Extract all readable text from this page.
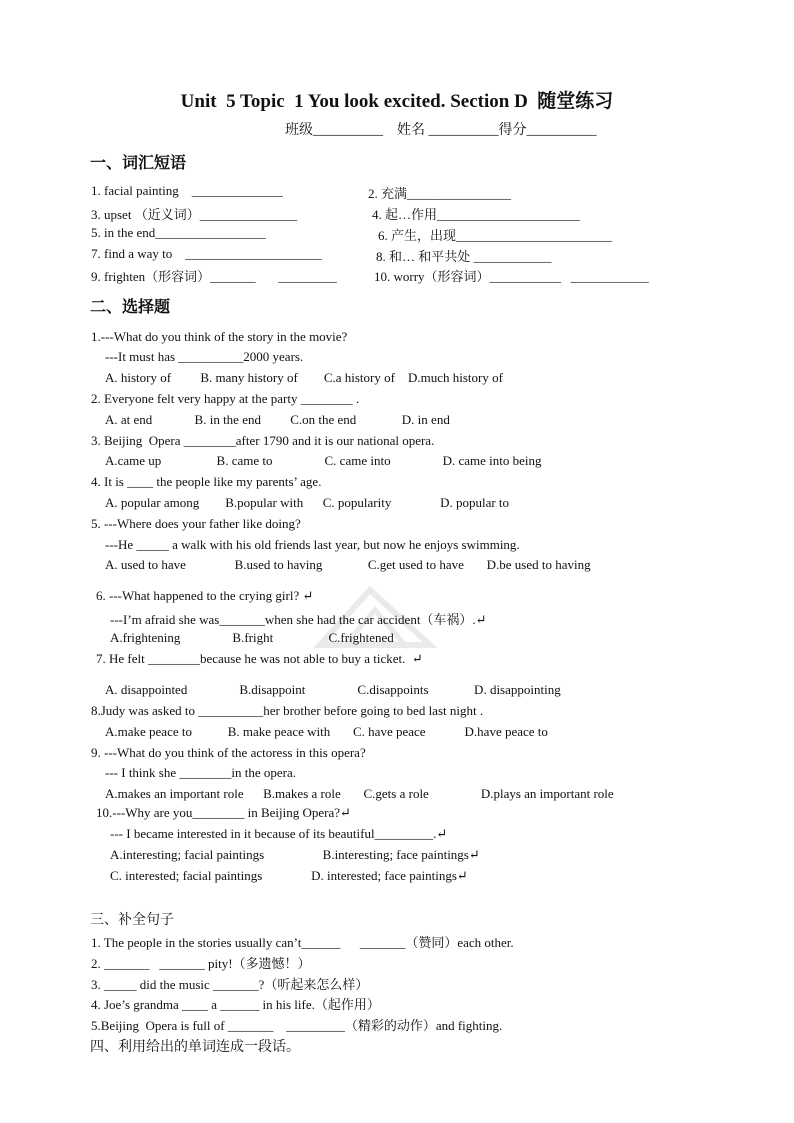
Unit  5 Topic  1 You look excited. Section D  随堂练习
班级__________    姓名 __________得分__________
一、词汇短语
1. facial painting    ______________	2. 充满________________
3. upset （近义词）_______________	4. 起…作用______________________
5. in the end_________________	6. 产生，出现________________________
7. find a way to    _____________________	8. 和… 和平共处 ____________
9. frighten（形容词）_______       _________	10. worry（形容词）___________   ____________
二、选择题
1.---What do you think of the story in the movie?
---It must has __________2000 years.
A. history of         B. many history of        C.a history of    D.much history of
2. Everyone felt very happy at the party ________ .
A. at end             B. in the end         C.on the end              D. in end
3. Beijing  Opera ________after 1790 and it is our national opera.
A.came up                 B. came to                C. came into                D. came into being
4. It is ____ the people like my parents’ age.
A. popular among        B.popular with      C. popularity               D. popular to
5. ---Where does your father like doing?
---He _____ a walk with his old friends last year, but now he enjoys swimming.
A. used to have               B.used to having              C.get used to have       D.be used to having
6. ---What happened to the crying girl? ↵
---I’m afraid she was_______when she had the car accident（车祸）.↵
A.frightening                B.fright                 C.frightened
7. He felt ________because he was not able to buy a ticket.  ↵
A. disappointed                B.disappoint                C.disappoints              D. disappointing
8.Judy was asked to __________her brother before going to bed last night .
A.make peace to           B. make peace with       C. have peace            D.have peace to
9. ---What do you think of the actoress in this opera?
--- I think she ________in the opera.
A.makes an important role      B.makes a role       C.gets a role                D.plays an important role
10.---Why are you________ in Beijing Opera?↵
--- I became interested in it because of its beautiful_________.↵
A.interesting; facial paintings                  B.interesting; face paintings↵
C. interested; facial paintings               D. interested; face paintings↵
三、补全句子
1. The people in the stories usually can’t______      _______（赞同）each other.
2. _______   _______ pity!（多遗憾！）
3. _____ did the music _______?（听起来怎么样）
4. Joe’s grandma ____ a ______ in his life.（起作用）
5.Beijing  Opera is full of _______    _________（精彩的动作）and fighting.
四、利用给出的单词连成一段话。
